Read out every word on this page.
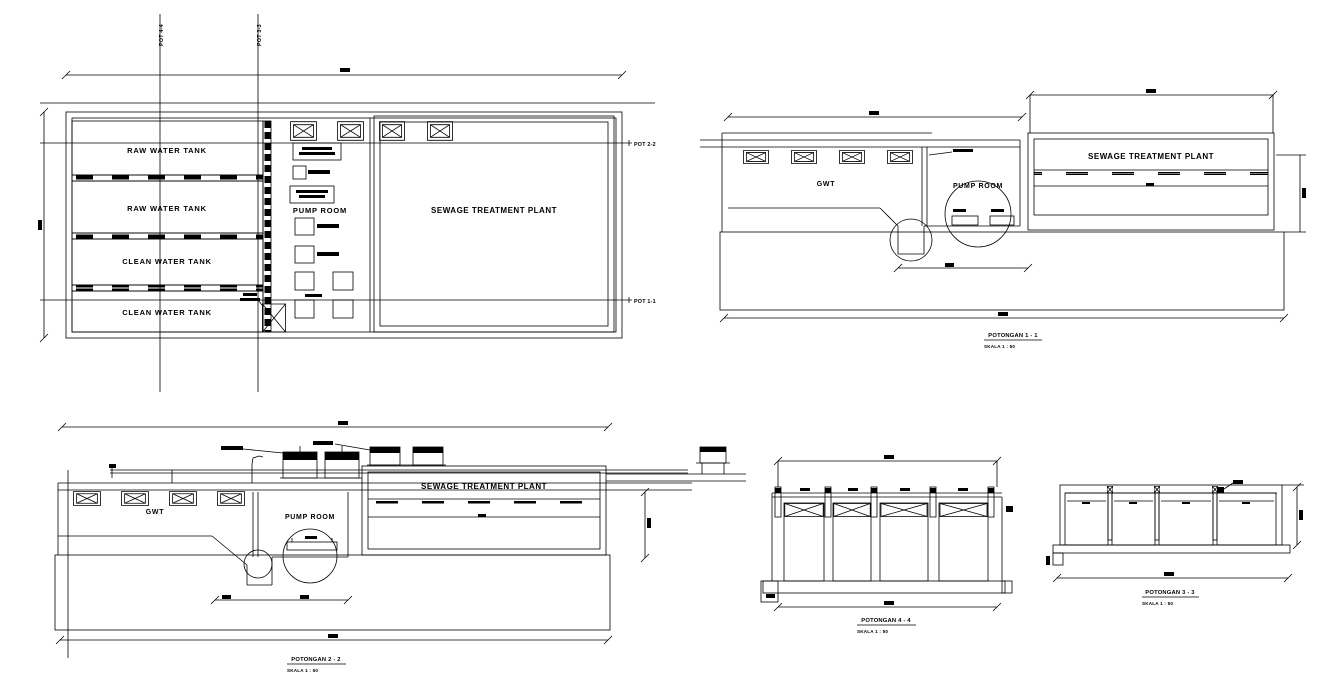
RAW WATER TANK
RAW WATER TANK
CLEAN WATER TANK
CLEAN WATER TANK
PUMP ROOM	SEWAGE TREATMENT PLANT
POT 4-4	POT 3-3
POT 2-2
POT 1-1
GWT	PUMP ROOM
SEWAGE TREATMENT PLANT
POTONGAN 1 - 1
SKALA 1 : 50
GWT
PUMP ROOM
SEWAGE TREATMENT PLANT
POTONGAN 2 - 2
SKALA 1 : 50
POTONGAN 4 - 4
SKALA 1 : 50
POTONGAN 3 - 3
SKALA 1 : 50
